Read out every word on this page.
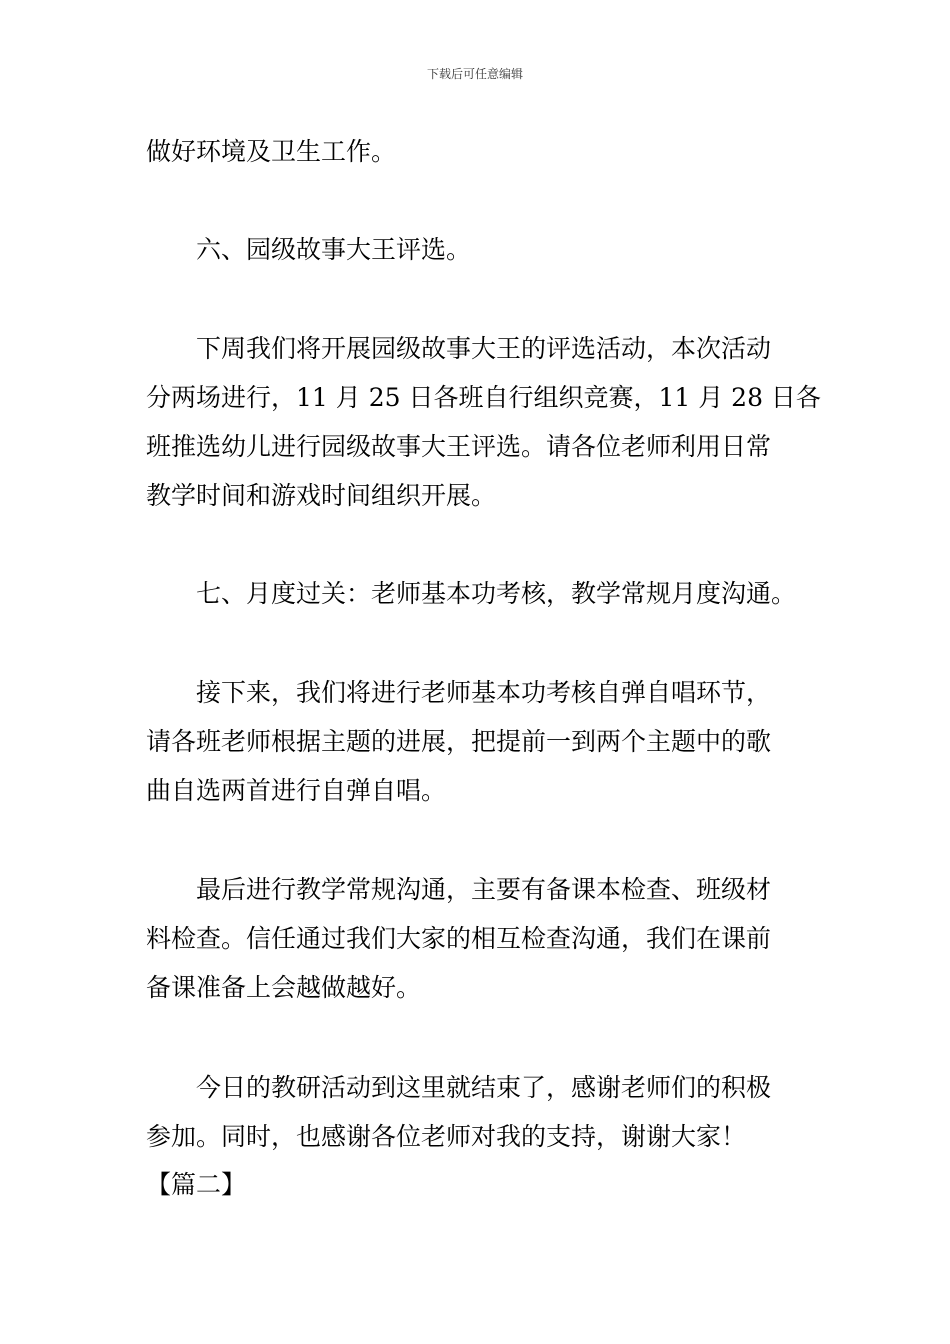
下载后可任意编辑
做好环境及卫生工作。
六、园级故事大王评选。
下周我们将开展园级故事大王的评选活动，本次活动
分两场进行，11 月 25 日各班自行组织竞赛，11 月 28 日各
班推选幼儿进行园级故事大王评选。请各位老师利用日常
教学时间和游戏时间组织开展。
七、月度过关：老师基本功考核，教学常规月度沟通。
接下来，我们将进行老师基本功考核自弹自唱环节，
请各班老师根据主题的进展，把提前一到两个主题中的歌
曲自选两首进行自弹自唱。
最后进行教学常规沟通，主要有备课本检查、班级材
料检查。信任通过我们大家的相互检查沟通，我们在课前
备课准备上会越做越好。
今日的教研活动到这里就结束了，感谢老师们的积极
参加。同时，也感谢各位老师对我的支持，谢谢大家！
【篇二】
